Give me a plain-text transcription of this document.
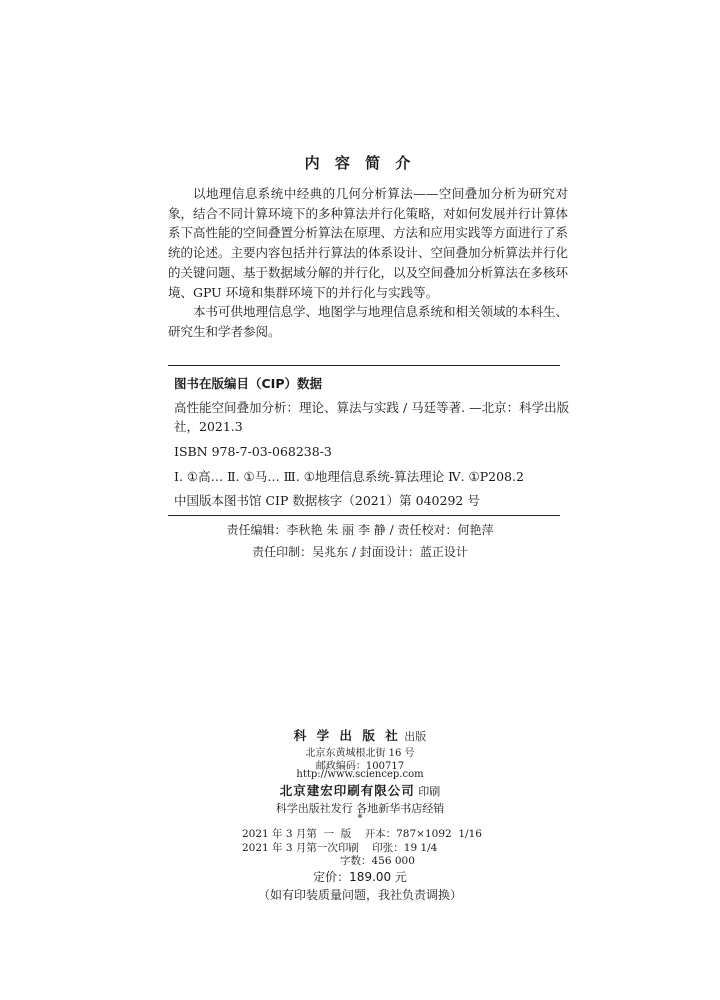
内 容 简 介

以地理信息系统中经典的几何分析算法——空间叠加分析为研究对象，结合不同计算环境下的多种算法并行化策略，对如何发展并行计算体系下高性能的空间叠置分析算法在原理、方法和应用实践等方面进行了系统的论述。主要内容包括并行算法的体系设计、空间叠加分析算法并行化的关键问题、基于数据域分解的并行化，以及空间叠加分析算法在多核环境、GPU 环境和集群环境下的并行化与实践等。

本书可供地理信息学、地图学与地理信息系统和相关领域的本科生、研究生和学者参阅。

图书在版编目（CIP）数据
高性能空间叠加分析：理论、算法与实践 / 马廷等著. —北京：科学出版
社，2021.3
ISBN 978-7-03-068238-3
Ⅰ. ①高… Ⅱ. ①马… Ⅲ. ①地理信息系统-算法理论 Ⅳ. ①P208.2
中国版本图书馆 CIP 数据核字（2021）第 040292 号
责任编辑：李秋艳 朱 丽 李 静 / 责任校对：何艳萍
责任印制：吴兆东 / 封面设计：蓝正设计
科 学 出 版 社 出版
北京东黄城根北街 16 号
邮政编码：100717
http://www.sciencep.com
北京建宏印刷有限公司 印刷
科学出版社发行 各地新华书店经销
*
2021 年 3 月第  一  版    开本：787×1092  1/16
2021 年 3 月第一次印刷    印张：19 1/4
字数：456 000
定价：189.00 元
（如有印装质量问题，我社负责调换）
